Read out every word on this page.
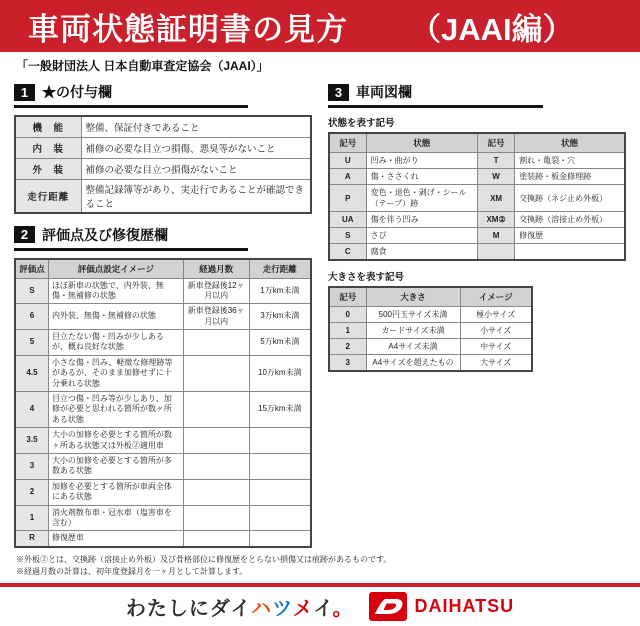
車両状態証明書の見方 （JAAI編）
「一般財団法人 日本自動車査定協会（JAAI）」
1 ★の付与欄
機　能	整備、保証付きであること
内　装	補修の必要な目立つ損傷、悪臭等がないこと
外　装	補修の必要な目立つ損傷がないこと
走行距離	整備記録簿等があり、実走行であることが確認できること
2 評価点及び修復歴欄
評価点	評価点設定イメージ	経過月数	走行距離
S	ほぼ新車の状態で、内外装、無傷・無補修の状態	新車登録後12ヶ月以内	1万km未満
6	内外装、無傷・無補修の状態	新車登録後36ヶ月以内	3万km未満
5	目立たない傷・凹みが少しあるが、概ね良好な状態		5万km未満
4.5	小さな傷・凹み、軽微な修理跡等があるが、そのまま加修せずに十分乗れる状態		10万km未満
4	目立つ傷・凹み等が少しあり、加修が必要と思われる箇所が数ヶ所ある状態		15万km未満
3.5	大小の加修を必要とする箇所が数ヶ所ある状態又は外板②適用車		
3	大小の加修を必要とする箇所が多数ある状態		
2	加修を必要とする箇所が車両全体にある状態		
1	消火剤散布車・冠水車（塩害車を含む）		
R	修復歴車		
3 車両図欄
状態を表す記号
記号	状態	記号	状態
U	凹み・曲がり	T	割れ・亀裂・穴
A	傷・ささくれ	W	塗装跡・板金修理跡
P	変色・退色・剥げ・シール（テープ）跡	XM	交換跡（ネジ止め外板）
UA	傷を伴う凹み	XM②	交換跡（溶接止め外板）
S	さび	M	修復歴
C	腐食		
大きさを表す記号
記号	大きさ	イメージ
0	500円玉サイズ未満	極小サイズ
1	カードサイズ未満	小サイズ
2	A4サイズ未満	中サイズ
3	A4サイズを超えたもの	大サイズ
※外板②とは、交換跡（溶接止め外板）及び骨格部位に修復歴をとらない損傷又は痕跡があるものです。
※経過月数の計算は、初年度登録月を一ヶ月として計算します。
わたしにダイハツメイ。	DAIHATSU
